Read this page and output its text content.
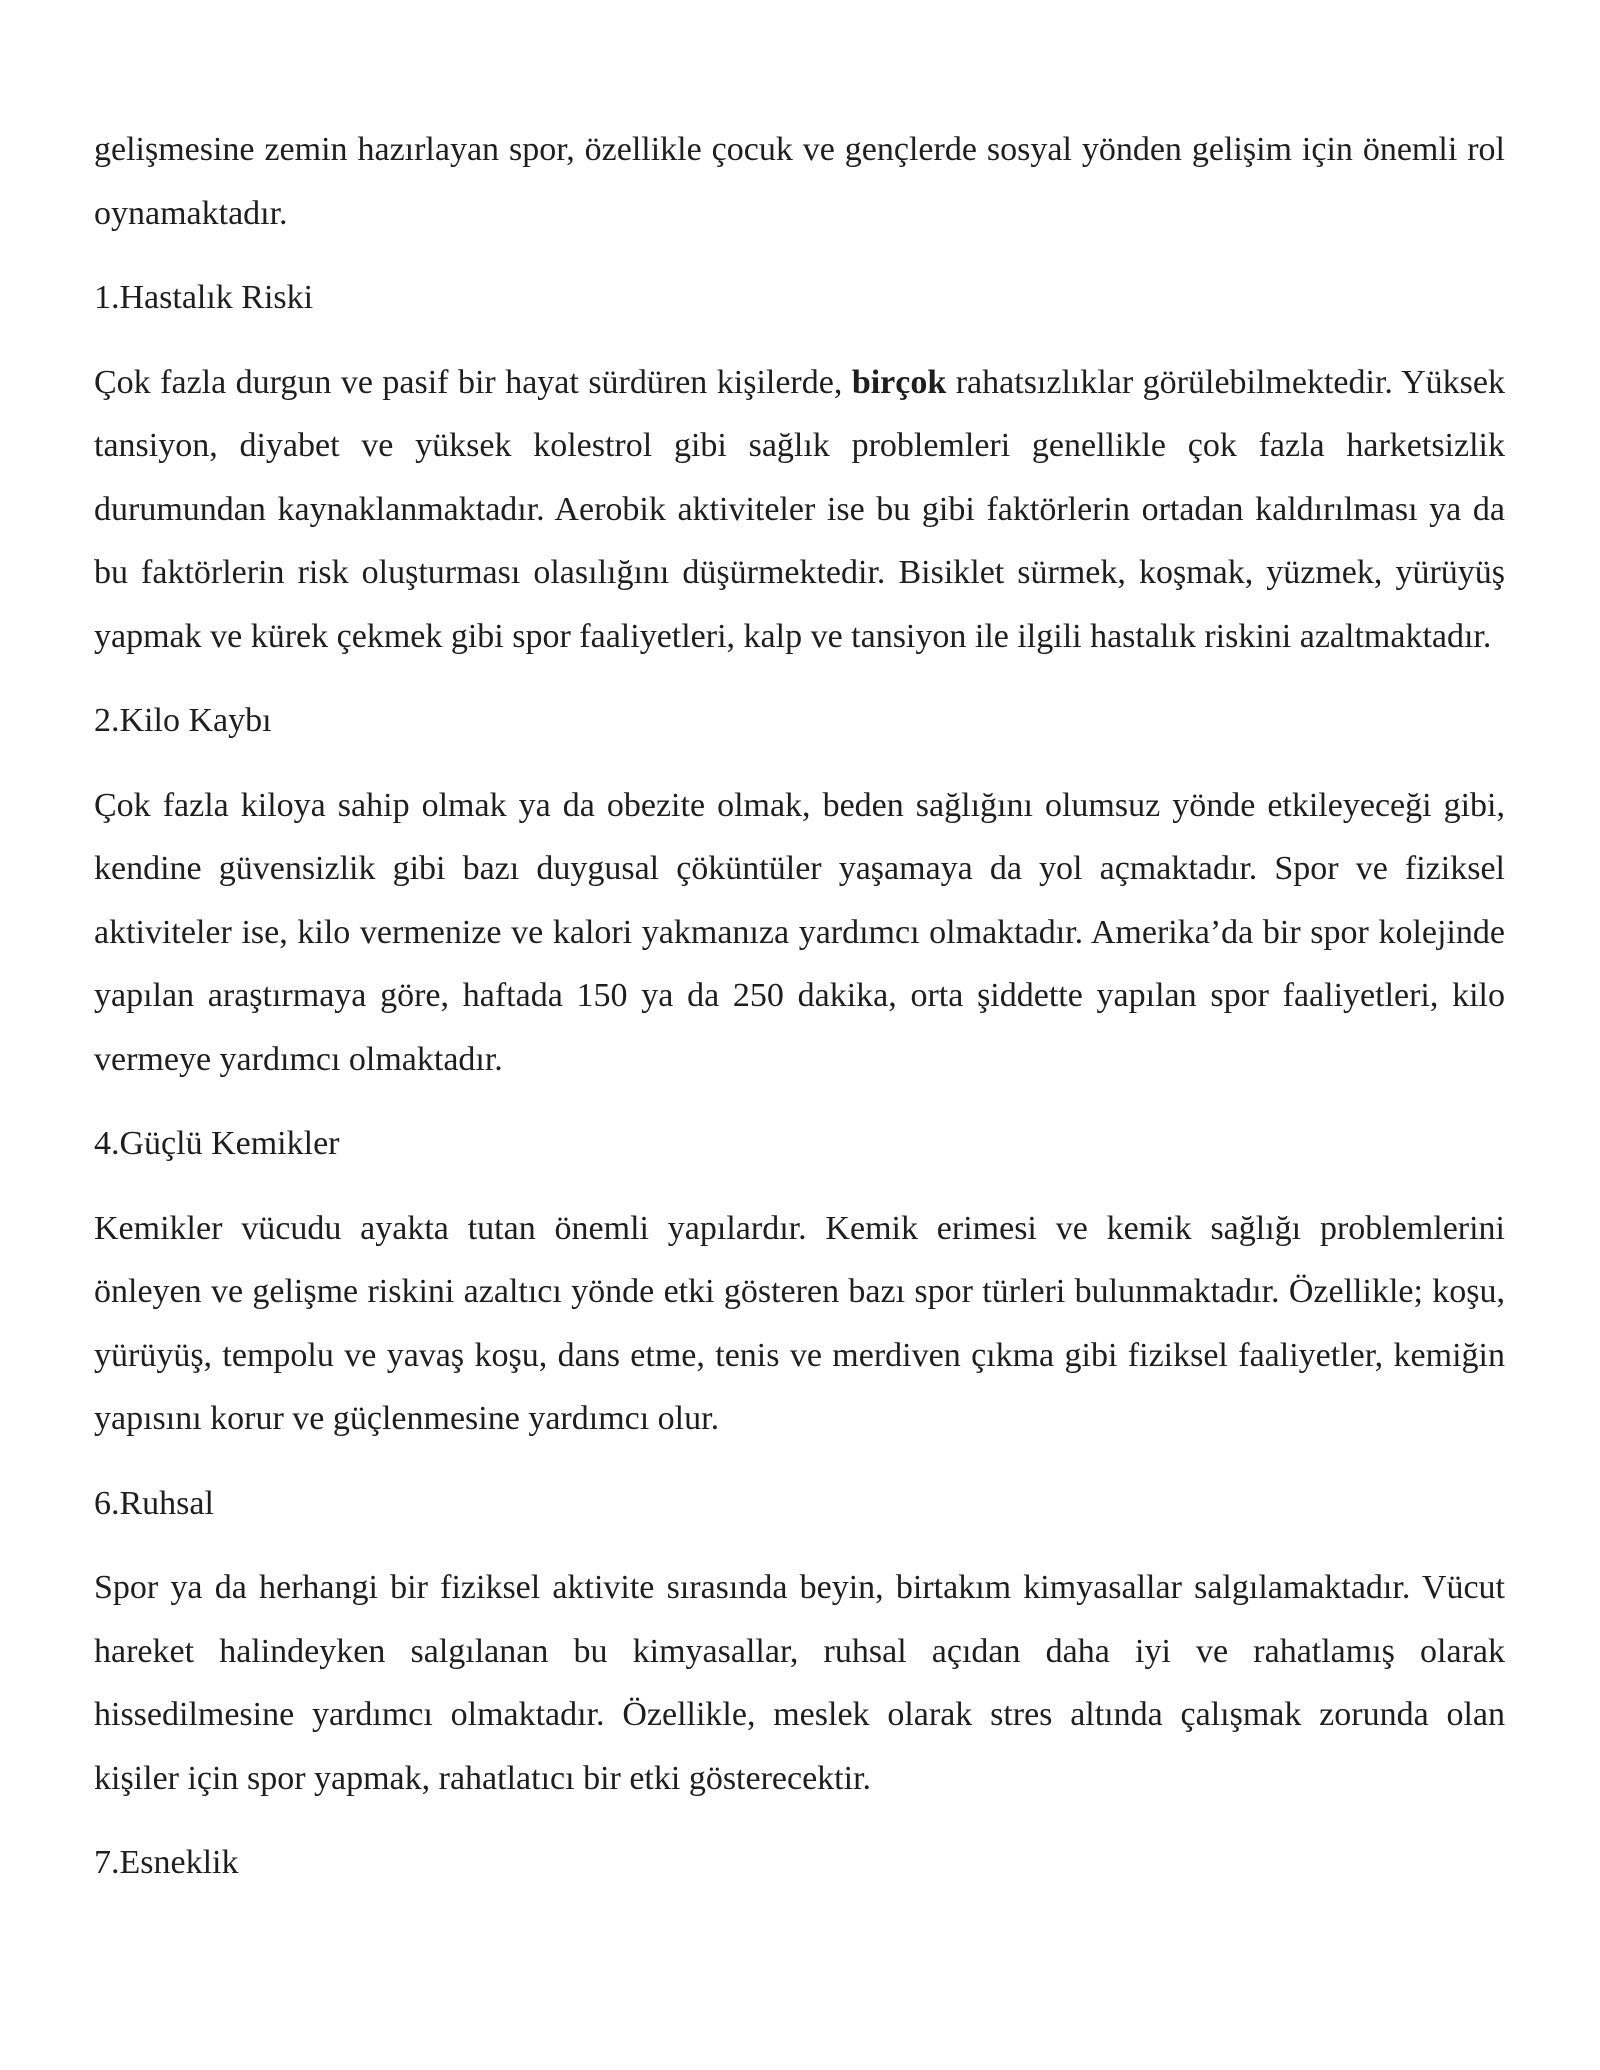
gelişmesine zemin hazırlayan spor, özellikle çocuk ve gençlerde sosyal yönden gelişim için önemli rol oynamaktadır.

1.Hastalık Riski

Çok fazla durgun ve pasif bir hayat sürdüren kişilerde, birçok rahatsızlıklar görülebilmektedir. Yüksek tansiyon, diyabet ve yüksek kolestrol gibi sağlık problemleri genellikle çok fazla harketsizlik durumundan kaynaklanmaktadır. Aerobik aktiviteler ise bu gibi faktörlerin ortadan kaldırılması ya da bu faktörlerin risk oluşturması olasılığını düşürmektedir. Bisiklet sürmek, koşmak, yüzmek, yürüyüş yapmak ve kürek çekmek gibi spor faaliyetleri, kalp ve tansiyon ile ilgili hastalık riskini azaltmaktadır.

2.Kilo Kaybı

Çok fazla kiloya sahip olmak ya da obezite olmak, beden sağlığını olumsuz yönde etkileyeceği gibi, kendine güvensizlik gibi bazı duygusal çöküntüler yaşamaya da yol açmaktadır. Spor ve fiziksel aktiviteler ise, kilo vermenize ve kalori yakmanıza yardımcı olmaktadır. Amerika’da bir spor kolejinde yapılan araştırmaya göre, haftada 150 ya da 250 dakika, orta şiddette yapılan spor faaliyetleri, kilo vermeye yardımcı olmaktadır.

4.Güçlü Kemikler

Kemikler vücudu ayakta tutan önemli yapılardır. Kemik erimesi ve kemik sağlığı problemlerini önleyen ve gelişme riskini azaltıcı yönde etki gösteren bazı spor türleri bulunmaktadır. Özellikle; koşu, yürüyüş, tempolu ve yavaş koşu, dans etme, tenis ve merdiven çıkma gibi fiziksel faaliyetler, kemiğin yapısını korur ve güçlenmesine yardımcı olur.

6.Ruhsal

Spor ya da herhangi bir fiziksel aktivite sırasında beyin, birtakım kimyasallar salgılamaktadır. Vücut hareket halindeyken salgılanan bu kimyasallar, ruhsal açıdan daha iyi ve rahatlamış olarak hissedilmesine yardımcı olmaktadır. Özellikle, meslek olarak stres altında çalışmak zorunda olan kişiler için spor yapmak, rahatlatıcı bir etki gösterecektir.

7.Esneklik
